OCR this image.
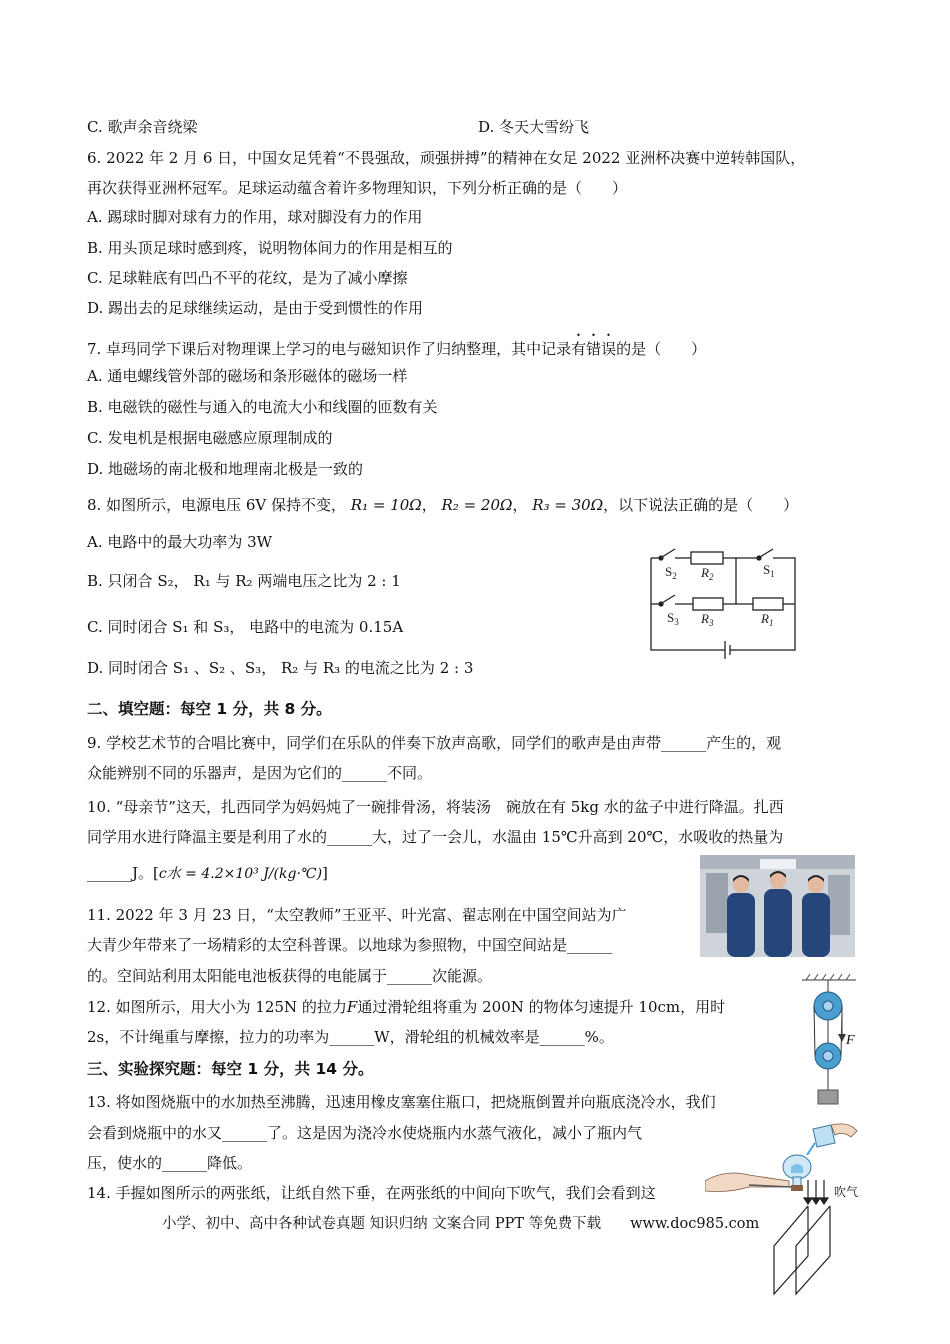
C. 歌声余音绕梁	D. 冬天大雪纷飞
6. 2022 年 2 月 6 日，中国女足凭着“不畏强敌，顽强拼搏”的精神在女足 2022 亚洲杯决赛中逆转韩国队，
再次获得亚洲杯冠军。足球运动蕴含着许多物理知识，下列分析正确的是（　　）
A. 踢球时脚对球有力的作用，球对脚没有力的作用
B. 用头顶足球时感到疼，说明物体间力的作用是相互的
C. 足球鞋底有凹凸不平的花纹，是为了减小摩擦
D. 踢出去的足球继续运动，是由于受到惯性的作用
7. 卓玛同学下课后对物理课上学习的电与磁知识作了归纳整理，其中记录有错误的是（　　）
A. 通电螺线管外部的磁场和条形磁体的磁场一样
B. 电磁铁的磁性与通入的电流大小和线圈的匝数有关
C. 发电机是根据电磁感应原理制成的
D. 地磁场的南北极和地理南北极是一致的
8. 如图所示，电源电压 6V 保持不变， R₁ = 10Ω， R₂ = 20Ω， R₃ = 30Ω，以下说法正确的是（　　）
A. 电路中的最大功率为 3W
B. 只闭合 S₂， R₁ 与 R₂ 两端电压之比为 2 : 1
C. 同时闭合 S₁ 和 S₃， 电路中的电流为 0.15A
D. 同时闭合 S₁ 、S₂ 、S₃， R₂ 与 R₃ 的电流之比为 2 : 3
$S_2$ $R_2$	$S_1$
$S_3$ $R_3$	$R_1$
二、填空题：每空 1 分，共 8 分。
9. 学校艺术节的合唱比赛中，同学们在乐队的伴奏下放声高歌，同学们的歌声是由声带______产生的，观
众能辨别不同的乐器声，是因为它们的______不同。
10. “母亲节”这天，扎西同学为妈妈炖了一碗排骨汤，将装汤　碗放在有 5kg 水的盆子中进行降温。扎西
同学用水进行降温主要是利用了水的______大，过了一会儿，水温由 15℃升高到 20℃，水吸收的热量为
______J。[c水 = 4.2×10³ J/(kg·℃)]
11. 2022 年 3 月 23 日，“太空教师”王亚平、叶光富、翟志刚在中国空间站为广
大青少年带来了一场精彩的太空科普课。以地球为参照物，中国空间站是______
的。空间站利用太阳能电池板获得的电能属于______次能源。
F
12. 如图所示，用大小为 125N 的拉力F通过滑轮组将重为 200N 的物体匀速提升 10cm，用时
2s，不计绳重与摩擦，拉力的功率为______W，滑轮组的机械效率是______%。
三、实验探究题：每空 1 分，共 14 分。
13. 将如图烧瓶中的水加热至沸腾，迅速用橡皮塞塞住瓶口，把烧瓶倒置并向瓶底浇冷水，我们
会看到烧瓶中的水又______了。这是因为浇冷水使烧瓶内水蒸气液化，减小了瓶内气
压，使水的______降低。
14. 手握如图所示的两张纸，让纸自然下垂，在两张纸的中间向下吹气，我们会看到这	吹气
小学、初中、高中各种试卷真题 知识归纳 文案合同 PPT 等免费下载　　www.doc985.com
